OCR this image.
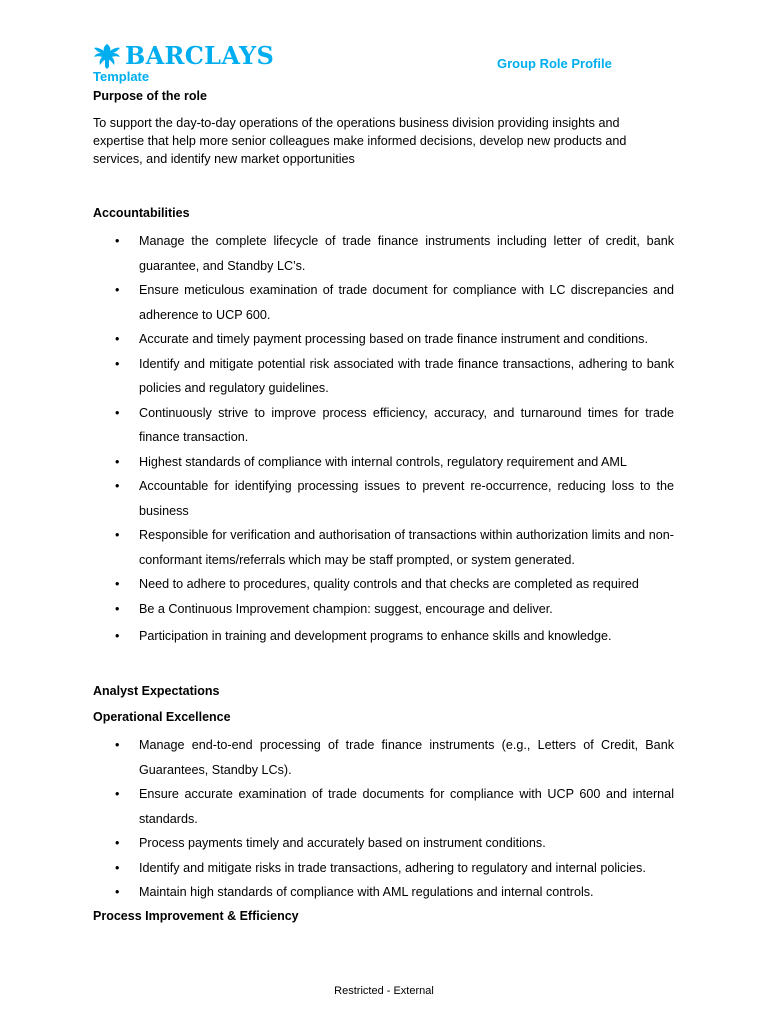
BARCLAYS
Template
Group Role Profile
Purpose of the role
To support the day-to-day operations of the operations business division providing insights and expertise that help more senior colleagues make informed decisions, develop new products and services, and identify new market opportunities
Accountabilities
• Manage the complete lifecycle of trade finance instruments including letter of credit, bank guarantee, and Standby LC’s.
• Ensure meticulous examination of trade document for compliance with LC discrepancies and adherence to UCP 600.
• Accurate and timely payment processing based on trade finance instrument and conditions.
• Identify and mitigate potential risk associated with trade finance transactions, adhering to bank policies and regulatory guidelines.
• Continuously strive to improve process efficiency, accuracy, and turnaround times for trade finance transaction.
• Highest standards of compliance with internal controls, regulatory requirement and AML
• Accountable for identifying processing issues to prevent re-occurrence, reducing loss to the business
• Responsible for verification and authorisation of transactions within authorization limits and non-conformant items/referrals which may be staff prompted, or system generated.
• Need to adhere to procedures, quality controls and that checks are completed as required
• Be a Continuous Improvement champion: suggest, encourage and deliver.
• Participation in training and development programs to enhance skills and knowledge.
Analyst Expectations
Operational Excellence
• Manage end-to-end processing of trade finance instruments (e.g., Letters of Credit, Bank Guarantees, Standby LCs).
• Ensure accurate examination of trade documents for compliance with UCP 600 and internal standards.
• Process payments timely and accurately based on instrument conditions.
• Identify and mitigate risks in trade transactions, adhering to regulatory and internal policies.
• Maintain high standards of compliance with AML regulations and internal controls.
Process Improvement & Efficiency
Restricted - External
